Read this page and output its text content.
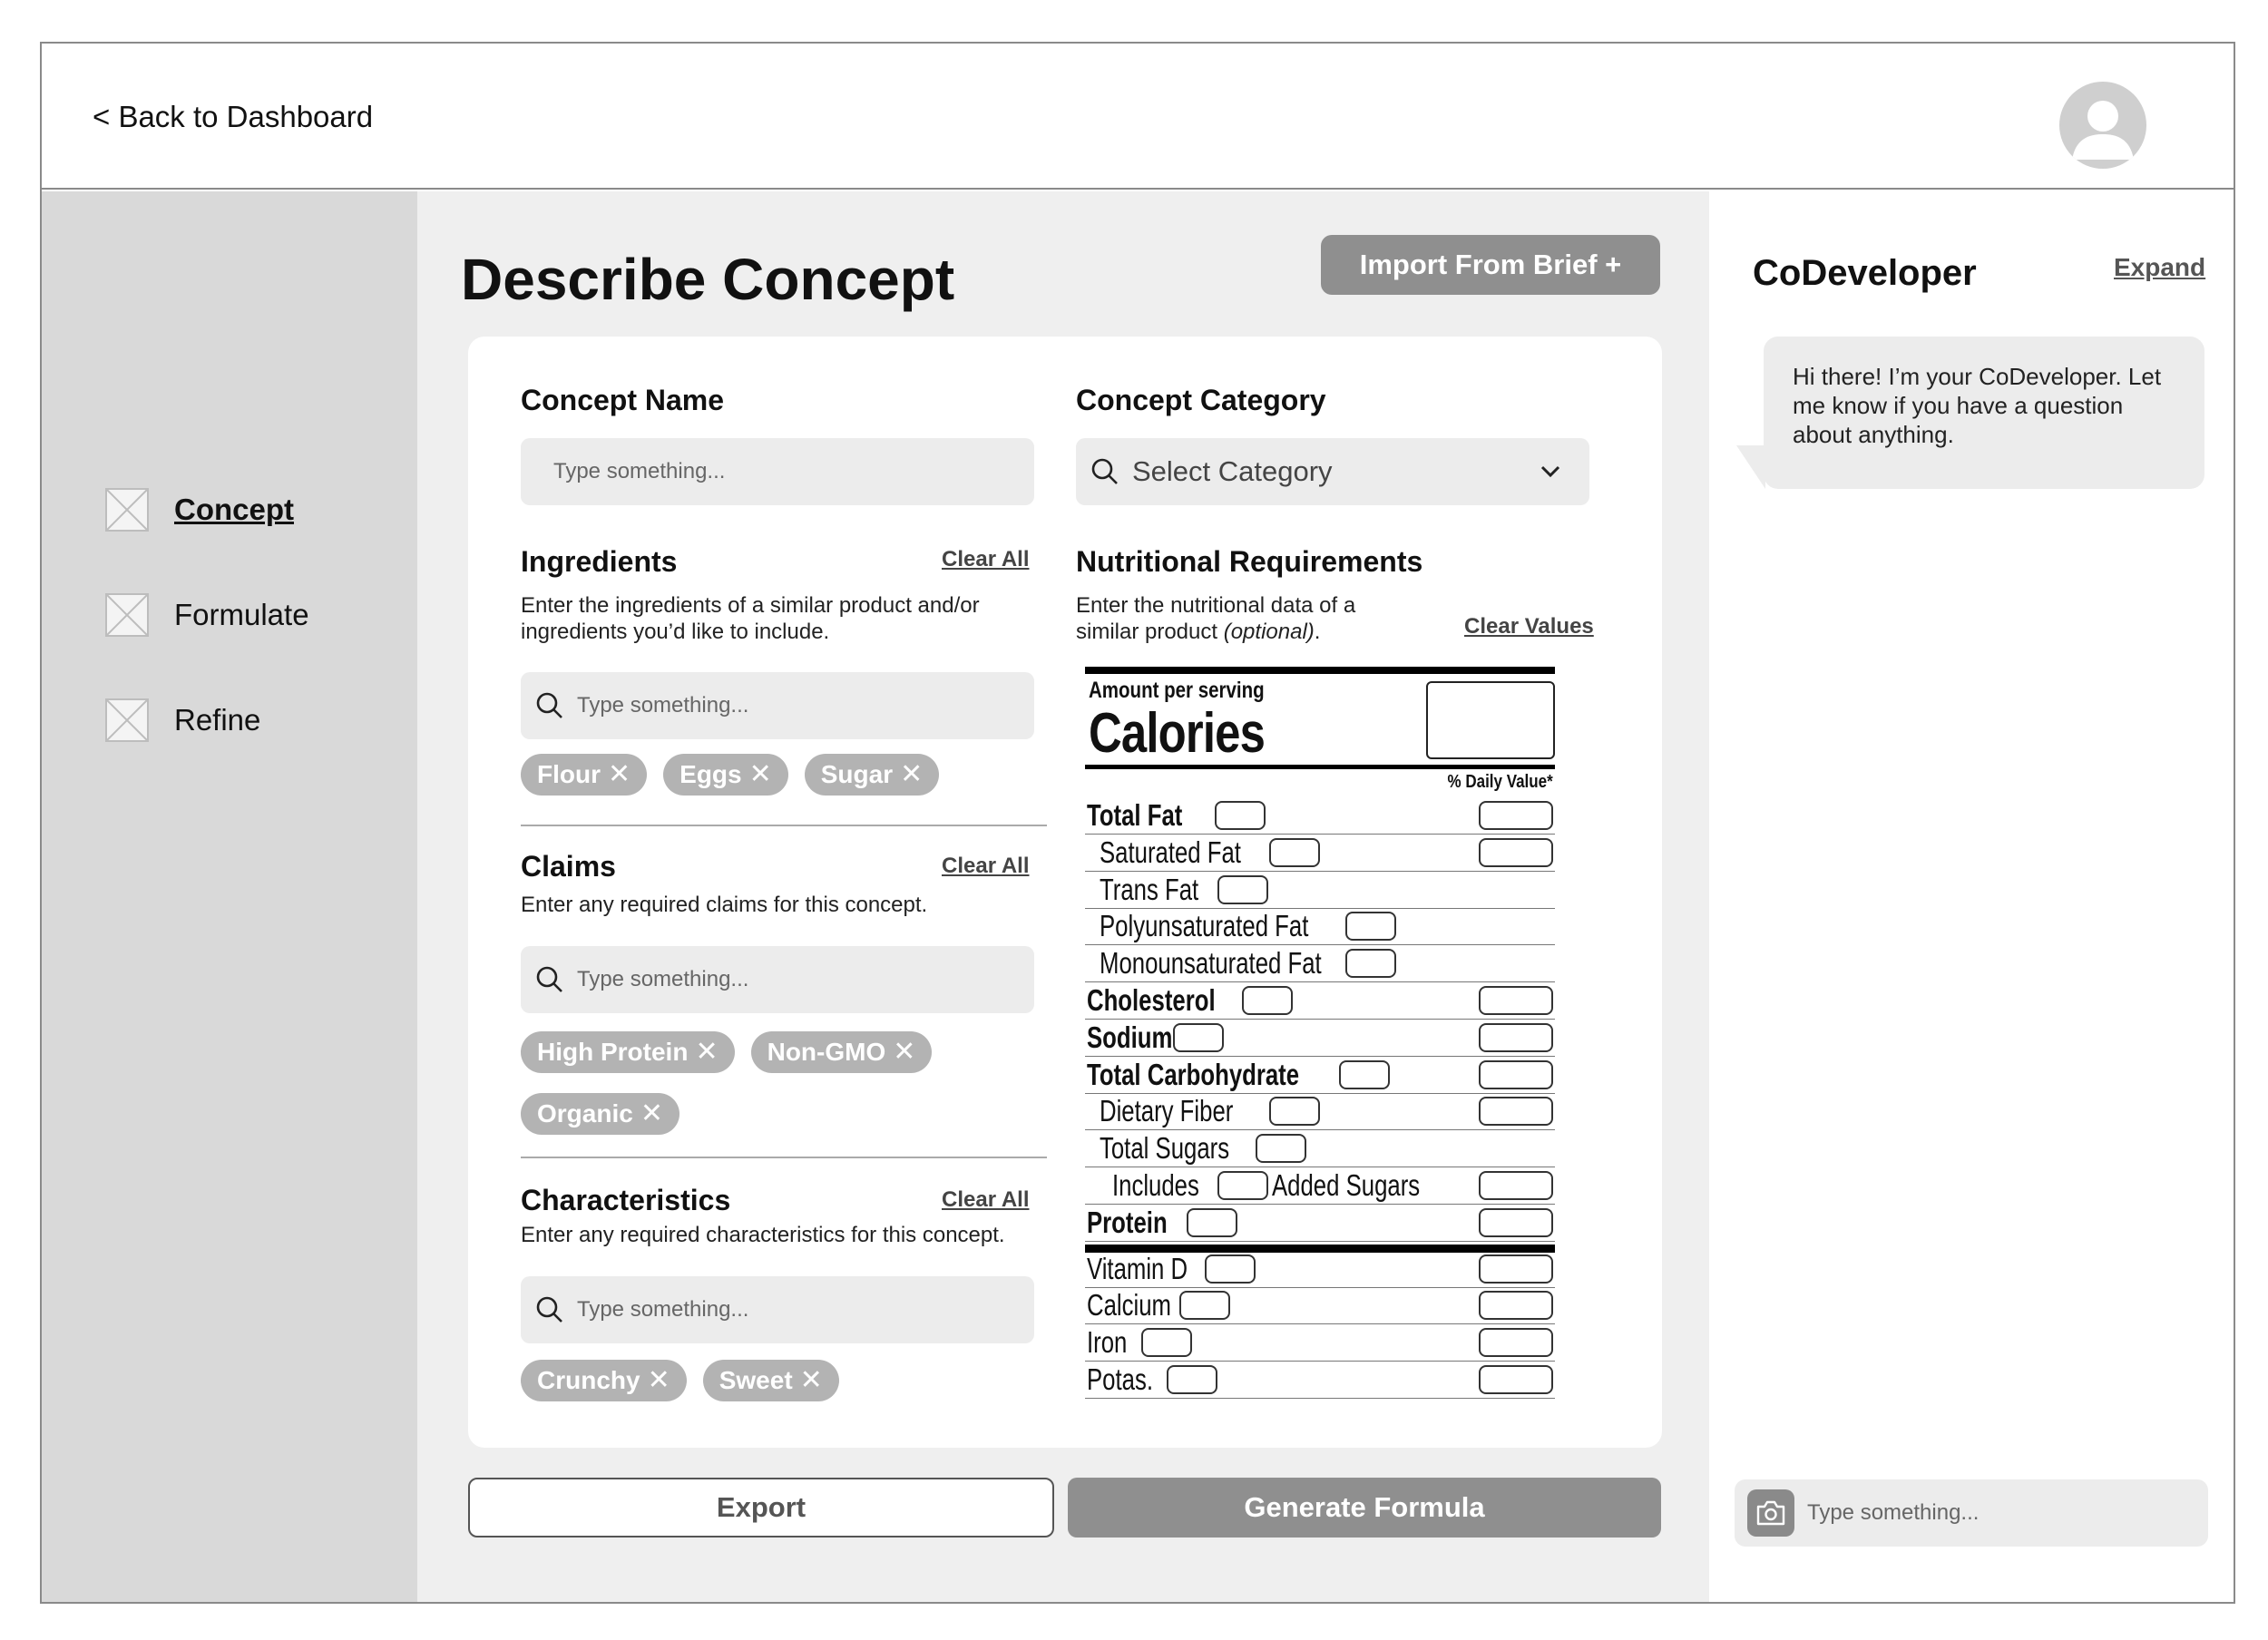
< Back to Dashboard
Concept
Formulate
Refine
Describe Concept	Import From Brief +
Concept Name
Type something...
Ingredients	Clear All
Enter the ingredients of a similar product and/or
ingredients you’d like to include.
Type something...
Flour ✕ Eggs ✕ Sugar ✕
Claims	Clear All
Enter any required claims for this concept.
Type something...
High Protein ✕ Non-GMO ✕
Organic ✕
Characteristics	Clear All
Enter any required characteristics for this concept.
Type something...
Crunchy ✕ Sweet ✕
Concept Category
Select Category
Nutritional Requirements
Enter the nutritional data of a
similar product (optional).	Clear Values
Amount per serving
Calories
% Daily Value*
Total Fat
Saturated Fat
Trans Fat
Polyunsaturated Fat
Monounsaturated Fat
Cholesterol
Sodium
Total Carbohydrate
Dietary Fiber
Total Sugars
Includes Added Sugars
Protein
Vitamin D
Calcium
Iron
Potas.
Export	Generate Formula
CoDeveloper	Expand
Hi there! I’m your CoDeveloper. Let me know if you have a question about anything.
Type something...
